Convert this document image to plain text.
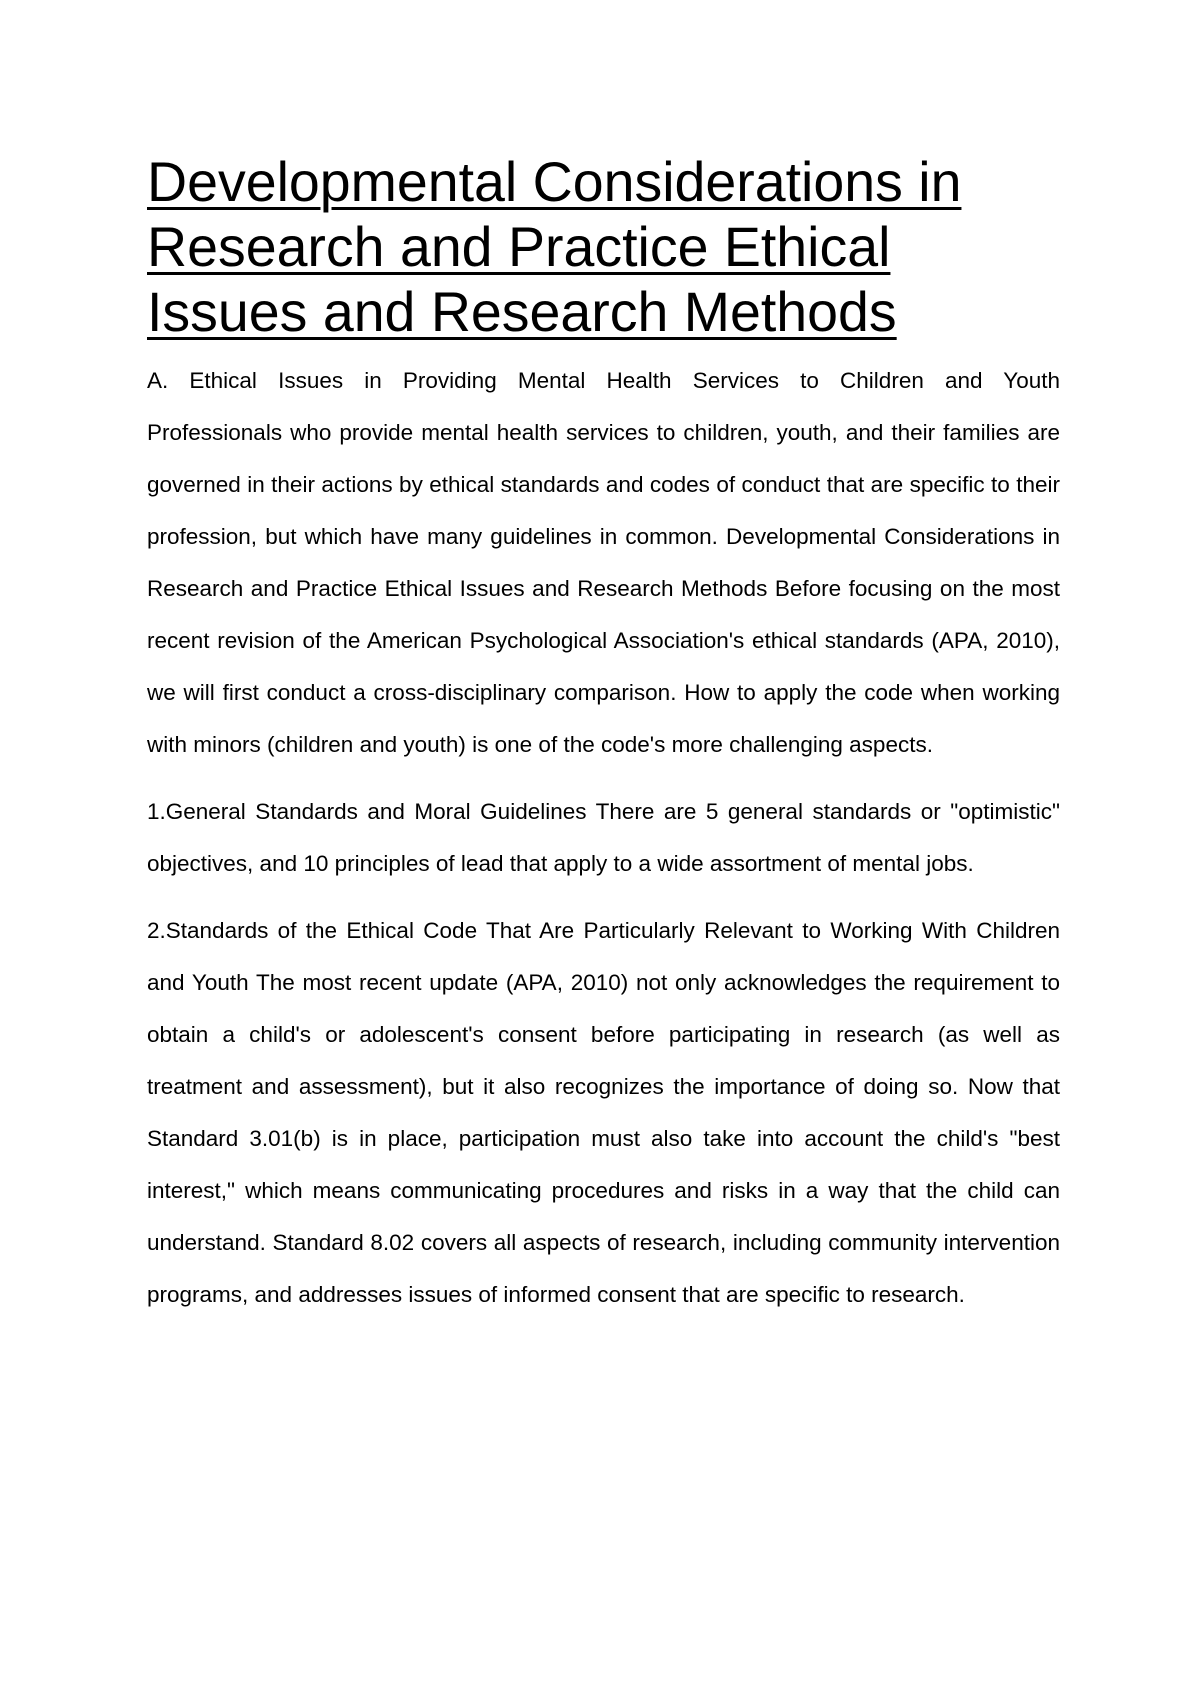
Developmental Considerations in Research and Practice Ethical Issues and Research Methods

A. Ethical Issues in Providing Mental Health Services to Children and Youth

Professionals who provide mental health services to children, youth, and their families are governed in their actions by ethical standards and codes of conduct that are specific to their profession, but which have many guidelines in common. Developmental Considerations in Research and Practice Ethical Issues and Research Methods Before focusing on the most recent revision of the American Psychological Association's ethical standards (APA, 2010), we will first conduct a cross-disciplinary comparison. How to apply the code when working with minors (children and youth) is one of the code's more challenging aspects.

1.General Standards and Moral Guidelines There are 5 general standards or "optimistic" objectives, and 10 principles of lead that apply to a wide assortment of mental jobs.

2.Standards of the Ethical Code That Are Particularly Relevant to Working With Children and Youth The most recent update (APA, 2010) not only acknowledges the requirement to obtain a child's or adolescent's consent before participating in research (as well as treatment and assessment), but it also recognizes the importance of doing so. Now that Standard 3.01(b) is in place, participation must also take into account the child's "best interest," which means communicating procedures and risks in a way that the child can understand. Standard 8.02 covers all aspects of research, including community intervention programs, and addresses issues of informed consent that are specific to research.
